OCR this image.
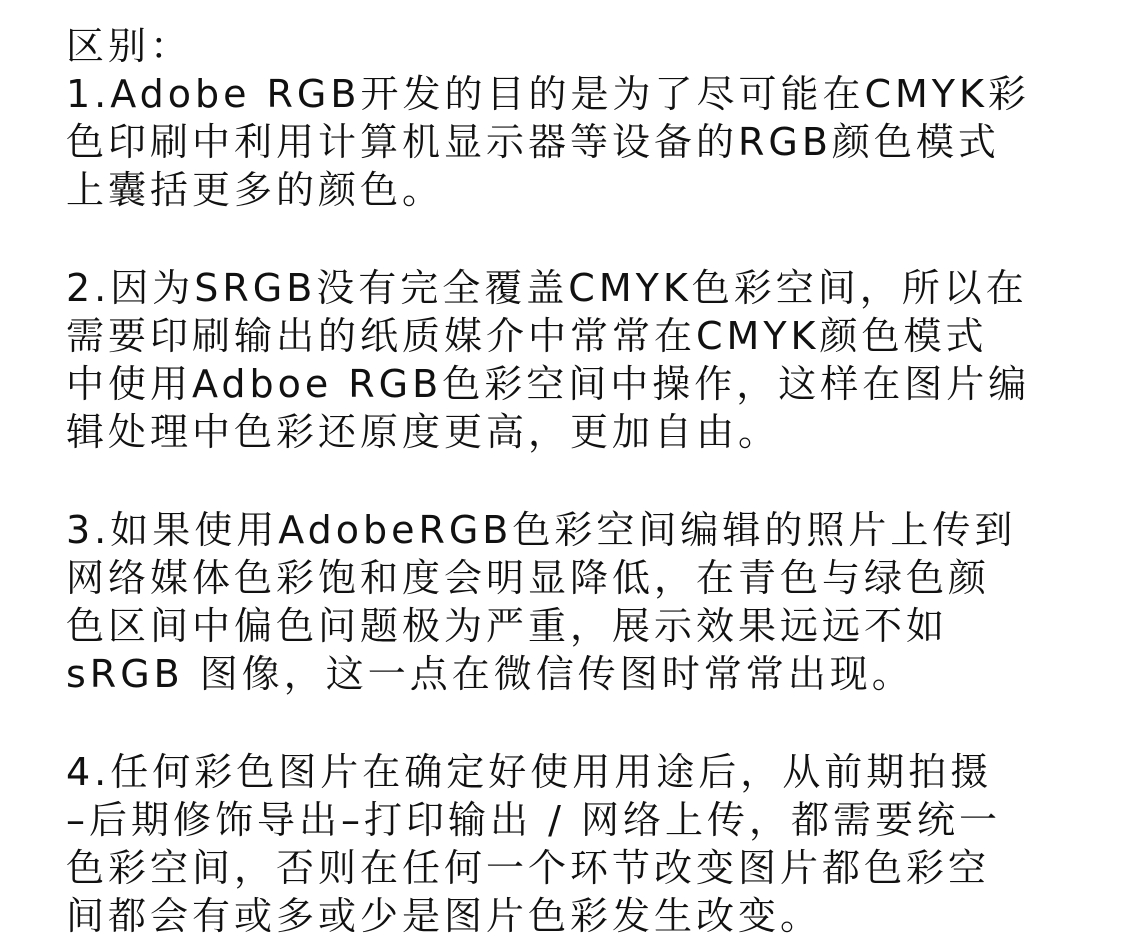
区别：
1.Adobe RGB开发的目的是为了尽可能在CMYK彩
色印刷中利用计算机显示器等设备的RGB颜色模式
上囊括更多的颜色。
2.因为SRGB没有完全覆盖CMYK色彩空间，所以在
需要印刷输出的纸质媒介中常常在CMYK颜色模式
中使用Adboe RGB色彩空间中操作，这样在图片编
辑处理中色彩还原度更高，更加自由。
3.如果使用AdobeRGB色彩空间编辑的照片上传到
网络媒体色彩饱和度会明显降低，在青色与绿色颜
色区间中偏色问题极为严重，展示效果远远不如
sRGB 图像，这一点在微信传图时常常出现。
4.任何彩色图片在确定好使用用途后，从前期拍摄
–后期修饰导出–打印输出 / 网络上传，都需要统一
色彩空间，否则在任何一个环节改变图片都色彩空
间都会有或多或少是图片色彩发生改变。
